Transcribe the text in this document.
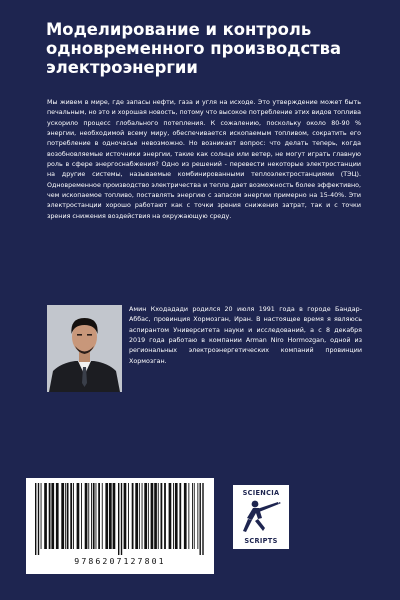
Моделирование и контроль одновременного производства электроэнергии

Мы живем в мире, где запасы нефти, газа и угля на исходе. Это утверждение может быть печальным, но это и хорошая новость, потому что высокое потребление этих видов топлива ускорило процесс глобального потепления. К сожалению, поскольку около 80-90 % энергии, необходимой всему миру, обеспечивается ископаемым топливом, сократить его потребление в одночасье невозможно. Но возникает вопрос: что делать теперь, когда возобновляемые источники энергии, такие как солнце или ветер, не могут играть главную роль в сфере энергоснабжения? Одно из решений - перевести некоторые электростанции на другие системы, называемые комбинированными теплоэлектростанциями (ТЭЦ). Одновременное производство электричества и тепла дает возможность более эффективно, чем ископаемое топливо, поставлять энергию с запасом энергии примерно на 15-40%. Эти электростанции хорошо работают как с точки зрения снижения затрат, так и с точки зрения снижения воздействия на окружающую среду.

Амин Кходадади родился 20 июля 1991 года в городе Бандар-Аббас, провинция Хормозган, Иран. В настоящее время я являюсь аспирантом Университета науки и исследований, а с 8 декабря 2019 года работаю в компании Arman Niro Hormozgan, одной из региональных электроэнергетических компаний провинции Хормозган.

9786207127801
SCIENCIA
SCRIPTS
